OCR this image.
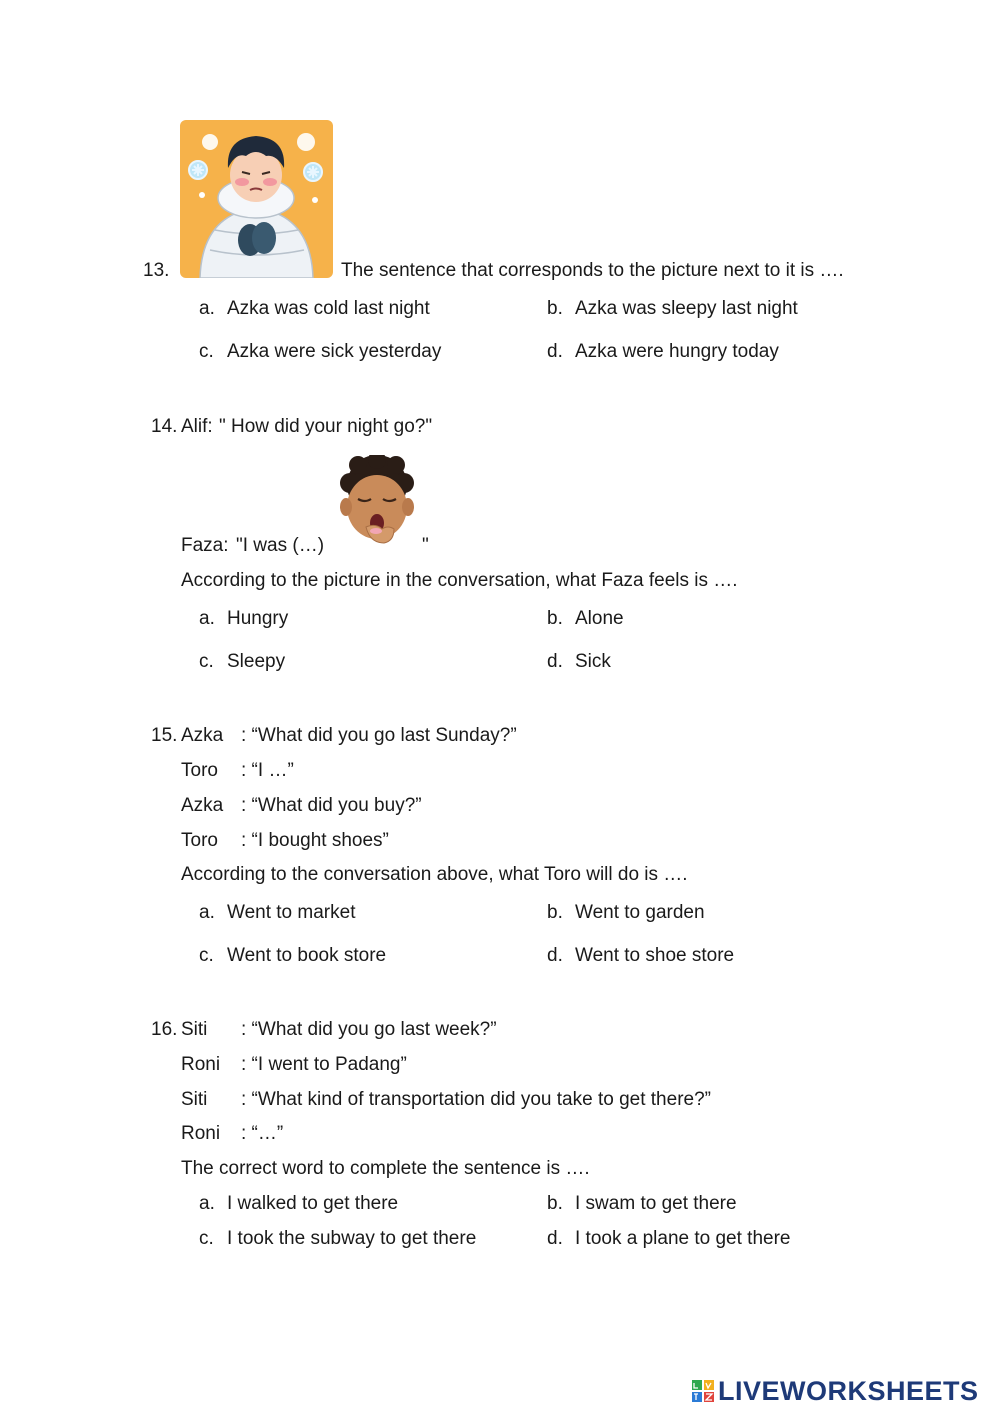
13.	The sentence that corresponds to the picture next to it is ….
a. Azka was cold last night	b. Azka was sleepy last night
c. Azka were sick yesterday	d. Azka were hungry today
14. Alif: " How did your night go?"
Faza: "I was (…)	"
According to the picture in the conversation, what Faza feels is ….
a. Hungry	b. Alone
c. Sleepy	d. Sick
15. Azka : “What did you go last Sunday?”
Toro : “I …”
Azka : “What did you buy?”
Toro : “I bought shoes”
According to the conversation above, what Toro will do is ….
a. Went to market	b. Went to garden
c. Went to book store	d. Went to shoe store
16. Siti : “What did you go last week?”
Roni : “I went to Padang”
Siti : “What kind of transportation did you take to get there?”
Roni : “…”
The correct word to complete the sentence is ….
a. I walked to get there	b. I swam to get there
c. I took the subway to get there	d. I took a plane to get there
LIVEWORKSHEETS
